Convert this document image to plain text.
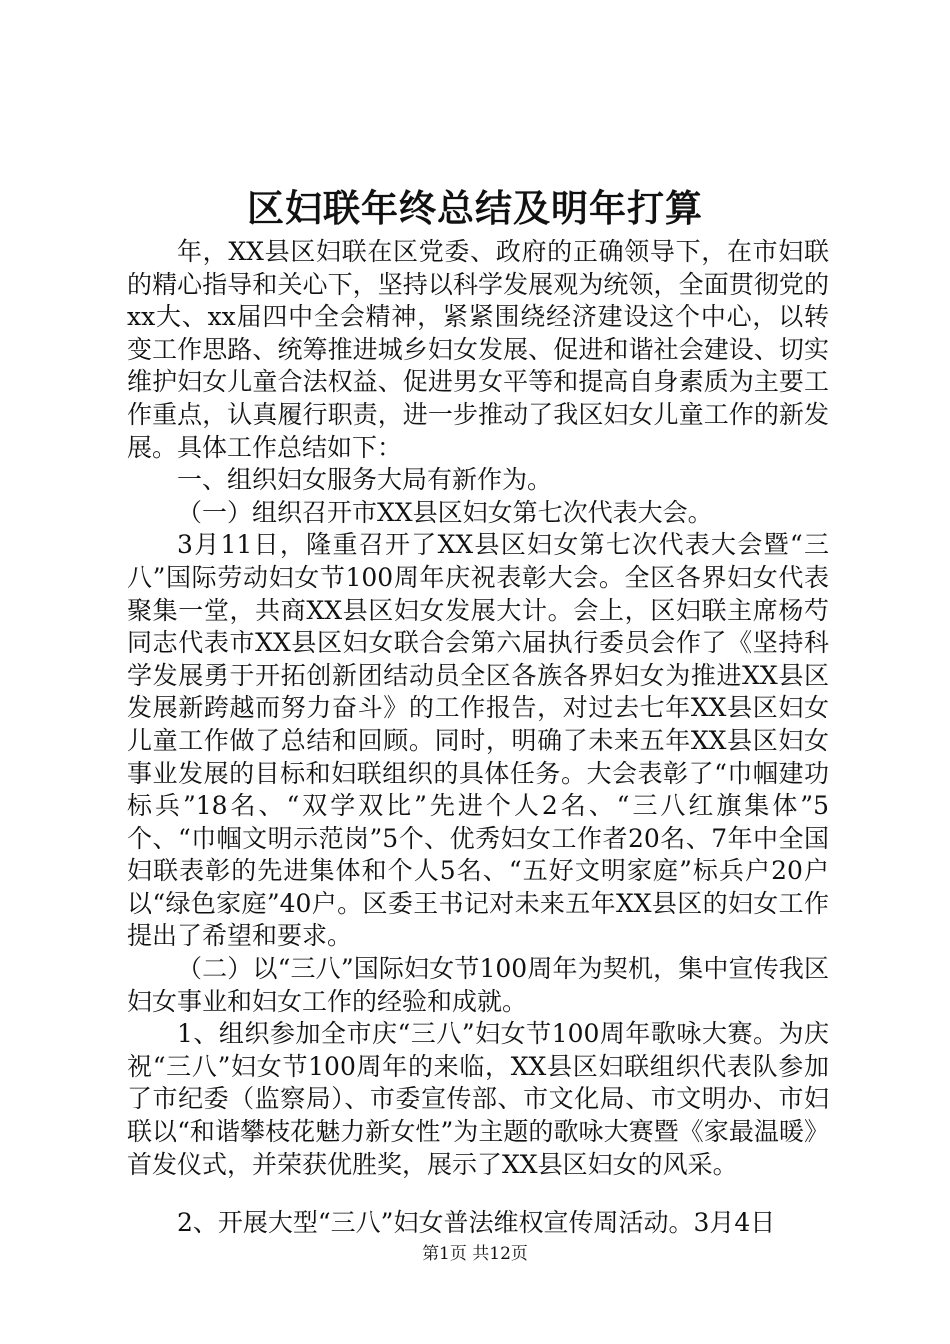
区妇联年终总结及明年打算

年，XX县区妇联在区党委、政府的正确领导下，在市妇联的精心指导和关心下，坚持以科学发展观为统领，全面贯彻党的xx大、xx届四中全会精神，紧紧围绕经济建设这个中心，以转变工作思路、统筹推进城乡妇女发展、促进和谐社会建设、切实维护妇女儿童合法权益、促进男女平等和提高自身素质为主要工作重点，认真履行职责，进一步推动了我区妇女儿童工作的新发展。具体工作总结如下：

一、组织妇女服务大局有新作为。

（一）组织召开市XX县区妇女第七次代表大会。

3月11日，隆重召开了XX县区妇女第七次代表大会暨“三八”国际劳动妇女节100周年庆祝表彰大会。全区各界妇女代表聚集一堂，共商XX县区妇女发展大计。会上，区妇联主席杨芍同志代表市XX县区妇女联合会第六届执行委员会作了《坚持科学发展勇于开拓创新团结动员全区各族各界妇女为推进XX县区发展新跨越而努力奋斗》的工作报告，对过去七年XX县区妇女儿童工作做了总结和回顾。同时，明确了未来五年XX县区妇女事业发展的目标和妇联组织的具体任务。大会表彰了“巾帼建功标兵”18名、“双学双比”先进个人2名、“三八红旗集体”5个、“巾帼文明示范岗”5个、优秀妇女工作者20名、7年中全国妇联表彰的先进集体和个人5名、“五好文明家庭”标兵户20户以“绿色家庭”40户。区委王书记对未来五年XX县区的妇女工作提出了希望和要求。

（二）以“三八”国际妇女节100周年为契机，集中宣传我区妇女事业和妇女工作的经验和成就。

1、组织参加全市庆“三八”妇女节100周年歌咏大赛。为庆祝“三八”妇女节100周年的来临，XX县区妇联组织代表队参加了市纪委（监察局）、市委宣传部、市文化局、市文明办、市妇联以“和谐攀枝花魅力新女性”为主题的歌咏大赛暨《家最温暖》首发仪式，并荣获优胜奖，展示了XX县区妇女的风采。

2、开展大型“三八”妇女普法维权宣传周活动。3月4日

第1页 共12页
